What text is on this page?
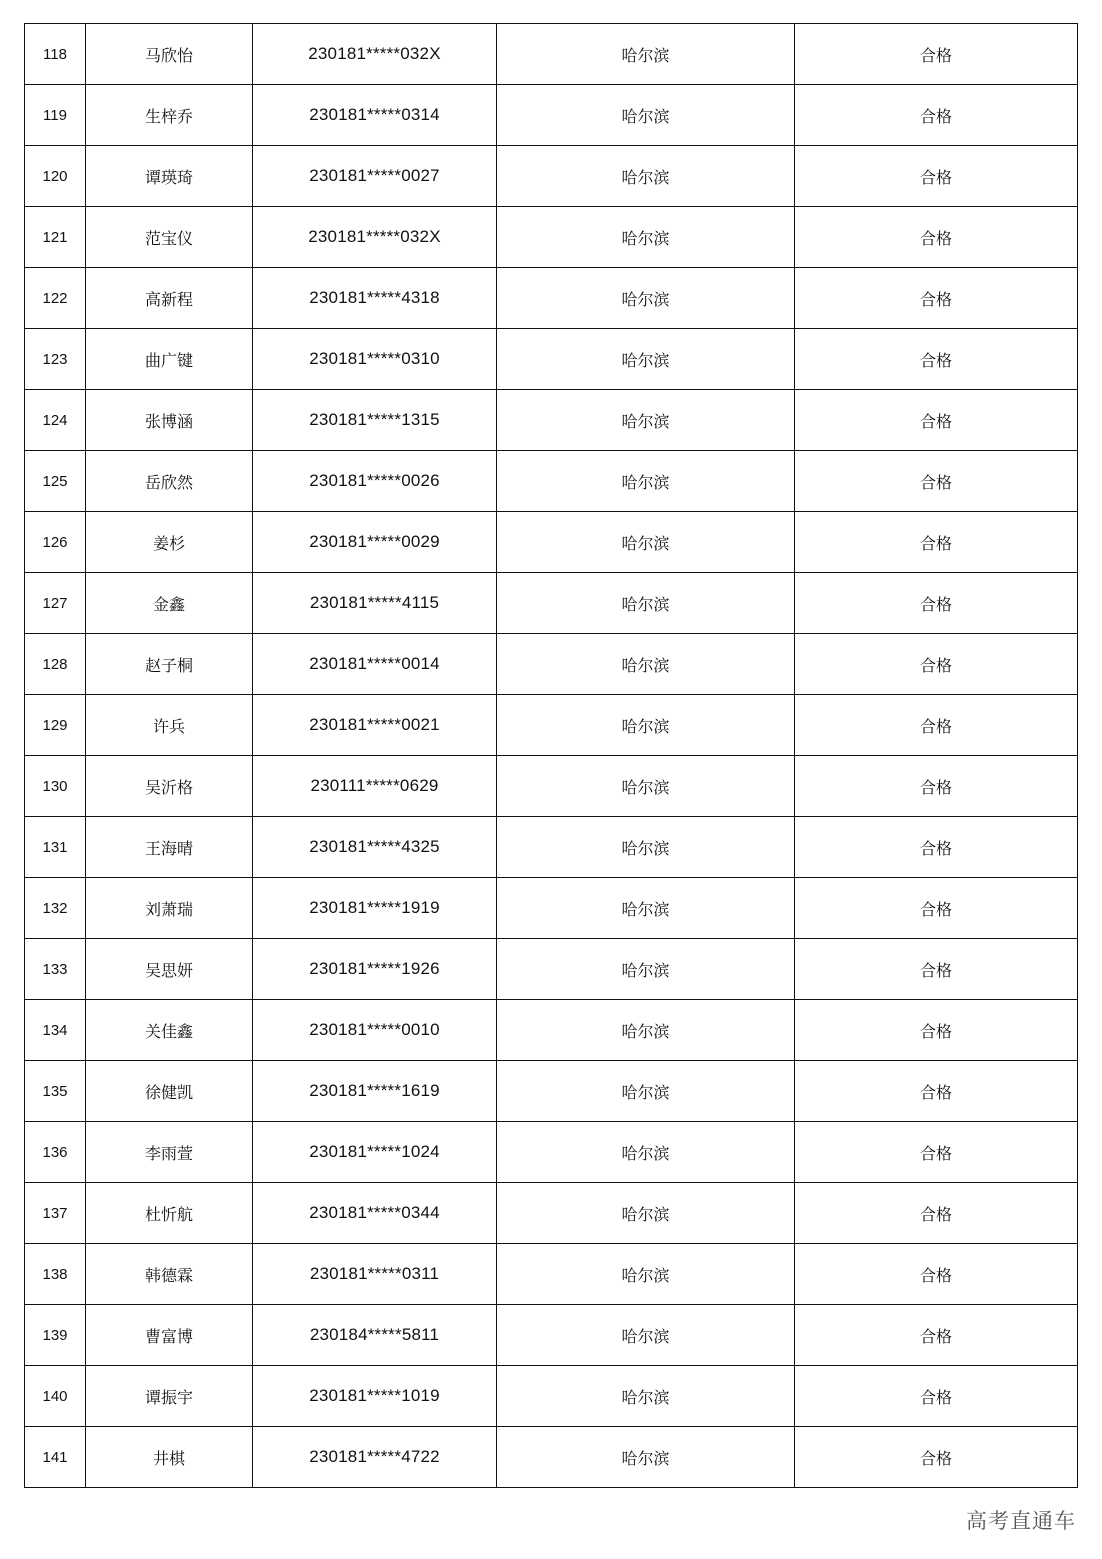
118	马欣怡	230181*****032X	哈尔滨	合格
119	生梓乔	230181*****0314	哈尔滨	合格
120	谭瑛琦	230181*****0027	哈尔滨	合格
121	范宝仪	230181*****032X	哈尔滨	合格
122	高新程	230181*****4318	哈尔滨	合格
123	曲广键	230181*****0310	哈尔滨	合格
124	张博涵	230181*****1315	哈尔滨	合格
125	岳欣然	230181*****0026	哈尔滨	合格
126	姜杉	230181*****0029	哈尔滨	合格
127	金鑫	230181*****4115	哈尔滨	合格
128	赵子桐	230181*****0014	哈尔滨	合格
129	许兵	230181*****0021	哈尔滨	合格
130	吴沂格	230111*****0629	哈尔滨	合格
131	王海晴	230181*****4325	哈尔滨	合格
132	刘萧瑞	230181*****1919	哈尔滨	合格
133	吴思妍	230181*****1926	哈尔滨	合格
134	关佳鑫	230181*****0010	哈尔滨	合格
135	徐健凯	230181*****1619	哈尔滨	合格
136	李雨萱	230181*****1024	哈尔滨	合格
137	杜忻航	230181*****0344	哈尔滨	合格
138	韩德霖	230181*****0311	哈尔滨	合格
139	曹富博	230184*****5811	哈尔滨	合格
140	谭振宇	230181*****1019	哈尔滨	合格
141	井棋	230181*****4722	哈尔滨	合格
高考直通车
